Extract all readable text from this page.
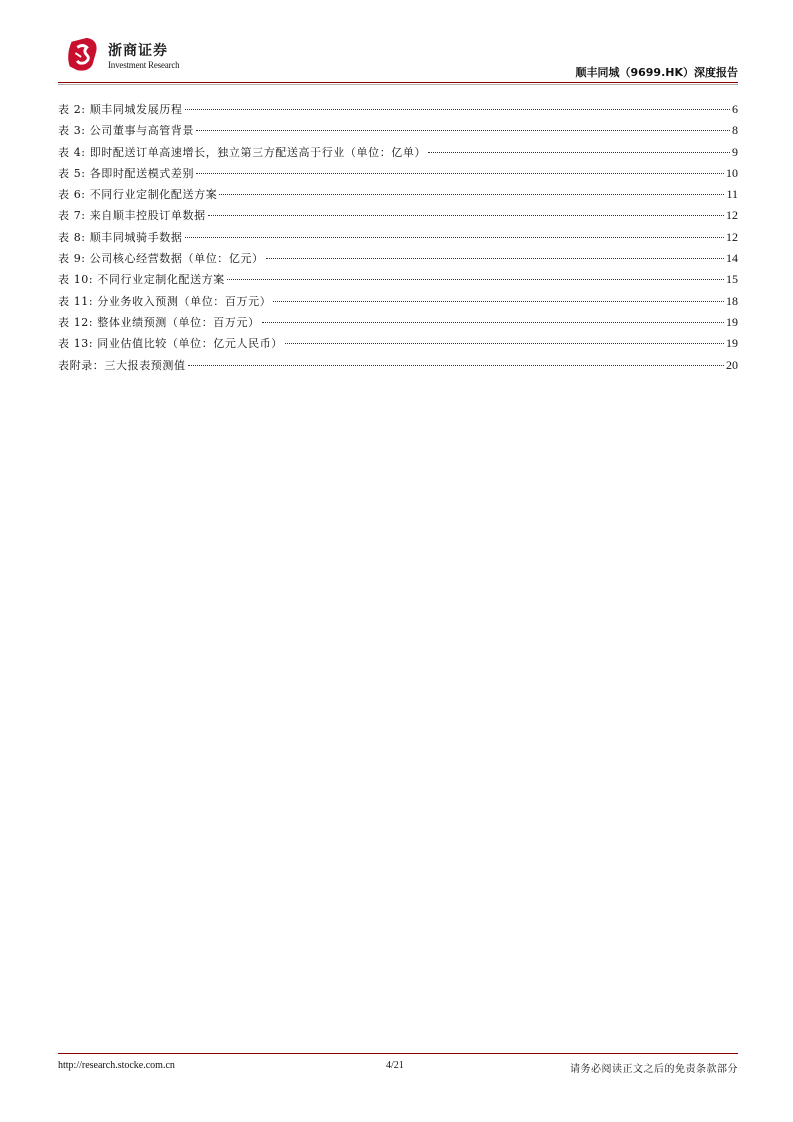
浙商证券
Investment Research
顺丰同城（9699.HK）深度报告
表 2: 顺丰同城发展历程	6
表 3: 公司董事与高管背景	8
表 4: 即时配送订单高速增长，独立第三方配送高于行业（单位：亿单）	9
表 5: 各即时配送模式差别	10
表 6: 不同行业定制化配送方案	11
表 7: 来自顺丰控股订单数据	12
表 8: 顺丰同城骑手数据	12
表 9: 公司核心经营数据（单位：亿元）	14
表 10: 不同行业定制化配送方案	15
表 11: 分业务收入预测（单位：百万元）	18
表 12: 整体业绩预测（单位：百万元）	19
表 13: 同业估值比较（单位：亿元人民币）	19
表附录：三大报表预测值	20
http://research.stocke.com.cn	4/21	请务必阅读正文之后的免责条款部分
